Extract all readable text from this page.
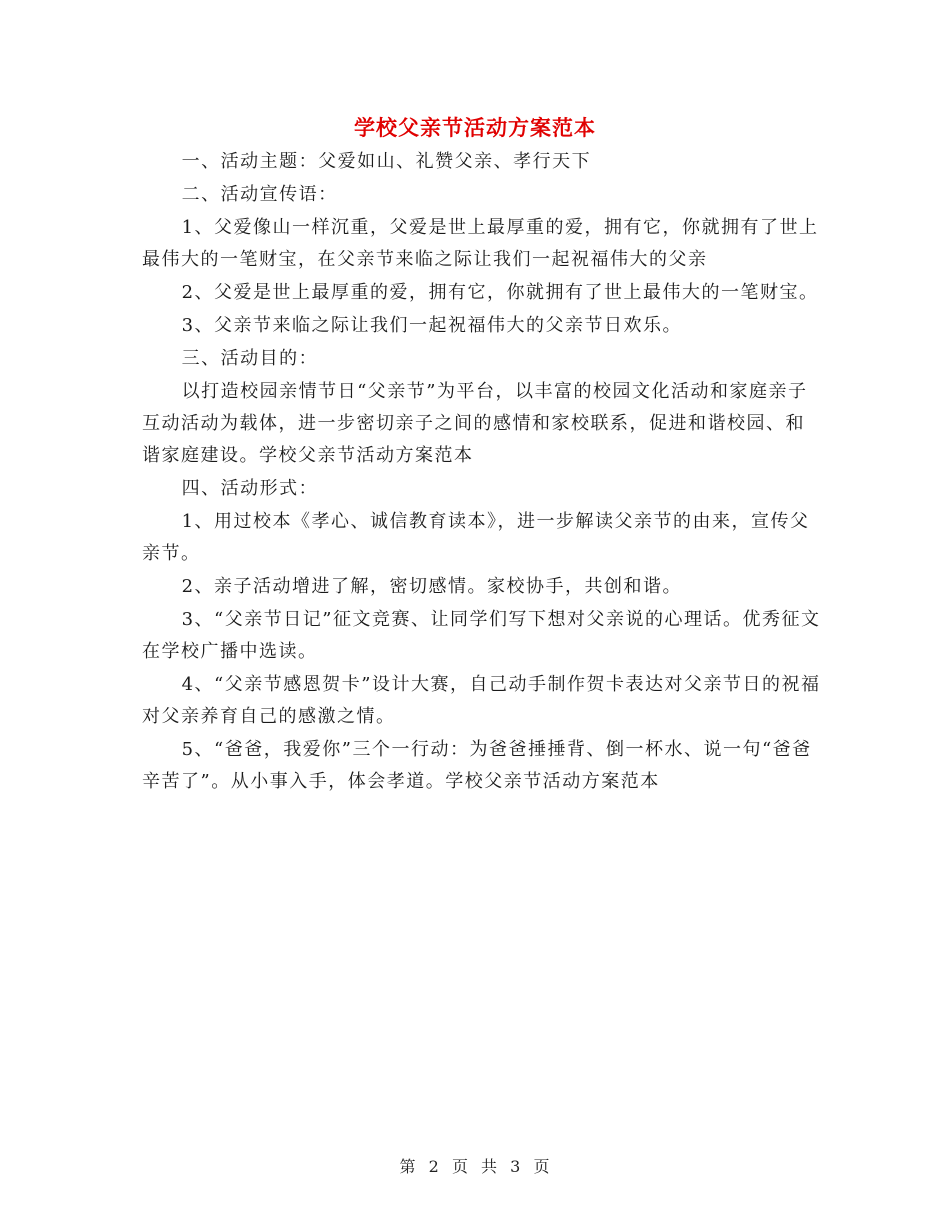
学校父亲节活动方案范本

一、活动主题：父爱如山、礼赞父亲、孝行天下

二、活动宣传语：

1、父爱像山一样沉重，父爱是世上最厚重的爱，拥有它，你就拥有了世上最伟大的一笔财宝，在父亲节来临之际让我们一起祝福伟大的父亲

2、父爱是世上最厚重的爱，拥有它，你就拥有了世上最伟大的一笔财宝。

3、父亲节来临之际让我们一起祝福伟大的父亲节日欢乐。

三、活动目的：

以打造校园亲情节日“父亲节”为平台，以丰富的校园文化活动和家庭亲子互动活动为载体，进一步密切亲子之间的感情和家校联系，促进和谐校园、和谐家庭建设。学校父亲节活动方案范本

四、活动形式：

1、用过校本《孝心、诚信教育读本》，进一步解读父亲节的由来，宣传父亲节。

2、亲子活动增进了解，密切感情。家校协手，共创和谐。

3、“父亲节日记”征文竞赛、让同学们写下想对父亲说的心理话。优秀征文在学校广播中选读。

4、“父亲节感恩贺卡”设计大赛，自己动手制作贺卡表达对父亲节日的祝福对父亲养育自己的感激之情。

5、“爸爸，我爱你”三个一行动：为爸爸捶捶背、倒一杯水、说一句“爸爸辛苦了”。从小事入手，体会孝道。学校父亲节活动方案范本

第 2 页 共 3 页
